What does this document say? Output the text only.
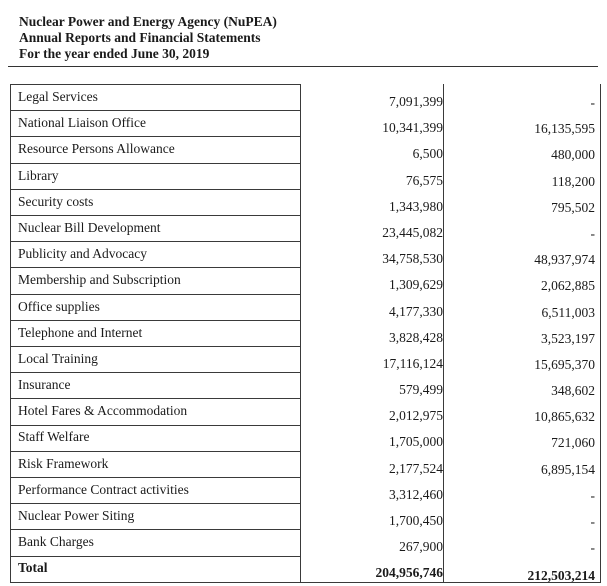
Nuclear Power and Energy Agency (NuPEA)
Annual Reports and Financial Statements
For the year ended June 30, 2019
Legal Services	7,091,399	-
National Liaison Office	10,341,399	16,135,595
Resource Persons Allowance	6,500	480,000
Library	76,575	118,200
Security costs	1,343,980	795,502
Nuclear Bill Development	23,445,082	-
Publicity and Advocacy	34,758,530	48,937,974
Membership and Subscription	1,309,629	2,062,885
Office supplies	4,177,330	6,511,003
Telephone and Internet	3,828,428	3,523,197
Local Training	17,116,124	15,695,370
Insurance	579,499	348,602
Hotel Fares & Accommodation	2,012,975	10,865,632
Staff Welfare	1,705,000	721,060
Risk Framework	2,177,524	6,895,154
Performance Contract activities	3,312,460	-
Nuclear Power Siting	1,700,450	-
Bank Charges	267,900	-
Total	204,956,746	212,503,214
